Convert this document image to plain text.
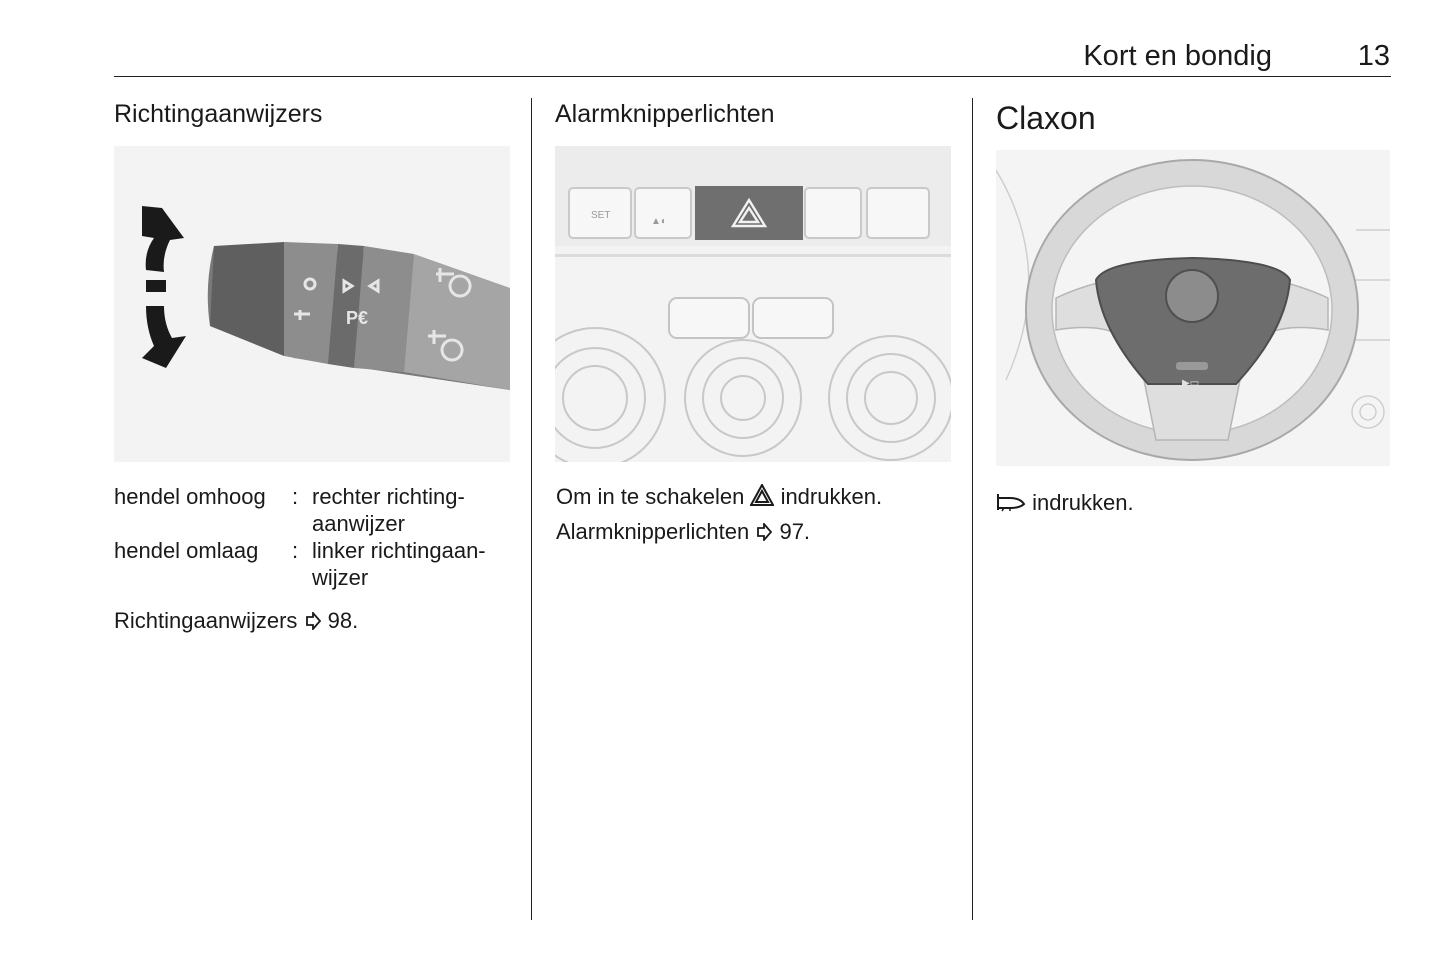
Kort en bondig	13
Richtingaanwijzers
P€
hendel omhoog : rechter richting-
aanwijzer
hendel omlaag : linker richtingaan-
wijzer
Richtingaanwijzers 98.
Alarmknipperlichten
SET
▲◐
Om in te schakelen indrukken.
Alarmknipperlichten 97.
Claxon
▶▭
indrukken.
